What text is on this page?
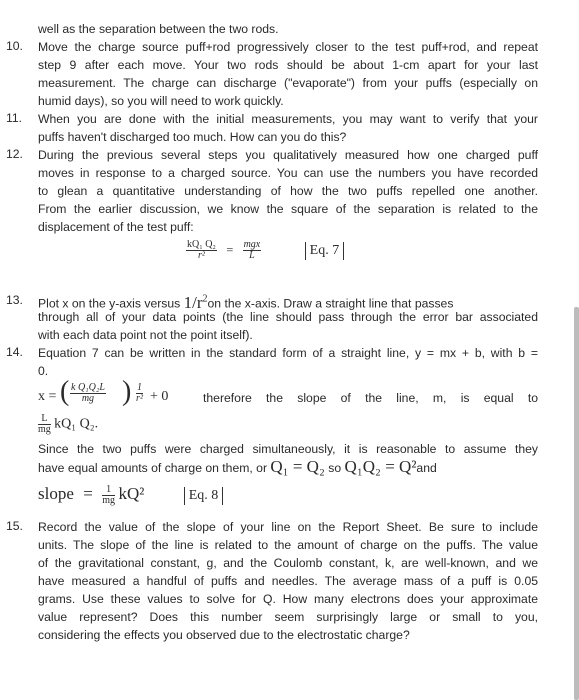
well as the separation between the two rods.
10.	Move the charge source puff+rod progressively closer to the test puff+rod, and repeat
step 9 after each move. Your two rods should be about 1-cm apart for your last
measurement. The charge can discharge ("evaporate") from your puffs (especially on
humid days), so you will need to work quickly.
11.	When you are done with the initial measurements, you may want to verify that your
puffs haven't discharged too much. How can you do this?
12.	During the previous several steps you qualitatively measured how one charged puff
moves in response to a charged source. You can use the numbers you have recorded
to glean a quantitative understanding of how the two puffs repelled one another.
From the earlier discussion, we know the square of the separation is related to the
displacement of the test puff:
$\frac{\text{kQ₁ Q₂}}{\text{r²}} = \frac{\text{mgx}}{L}$	Eq. 7
13.	Plot x on the y-axis versus $1/r^2on$ the x-axis. Draw a straight line that passes
through all of your data points (the line should pass through the error bar associated
with each data point not the point itself).
14.	Equation 7 can be written in the standard form of a straight line, y = mx + b, with b =
0.
x = ( $\frac{\text{k Q₁Q₂L}}{mg}$ ) $\frac{1}{\text{r²}} + 0$	therefore the slope of the line, m, is equal to
$\frac{L}{mg} kQ_1$ Q₂.
Since the two puffs were charged simultaneously, it is reasonable to assume they
have equal amounts of charge on them, or Q₁ = Q₂ so Q₁Q₂ = Q²and
slope = $\frac{1}{mg} kQ^2$	Eq. 8
15.	Record the value of the slope of your line on the Report Sheet. Be sure to include
units. The slope of the line is related to the amount of charge on the puffs. The value
of the gravitational constant, g, and the Coulomb constant, k, are well-known, and we
have measured a handful of puffs and needles. The average mass of a puff is 0.05
grams. Use these values to solve for Q. How many electrons does your approximate
value represent? Does this number seem surprisingly large or small to you,
considering the effects you observed due to the electrostatic charge?
